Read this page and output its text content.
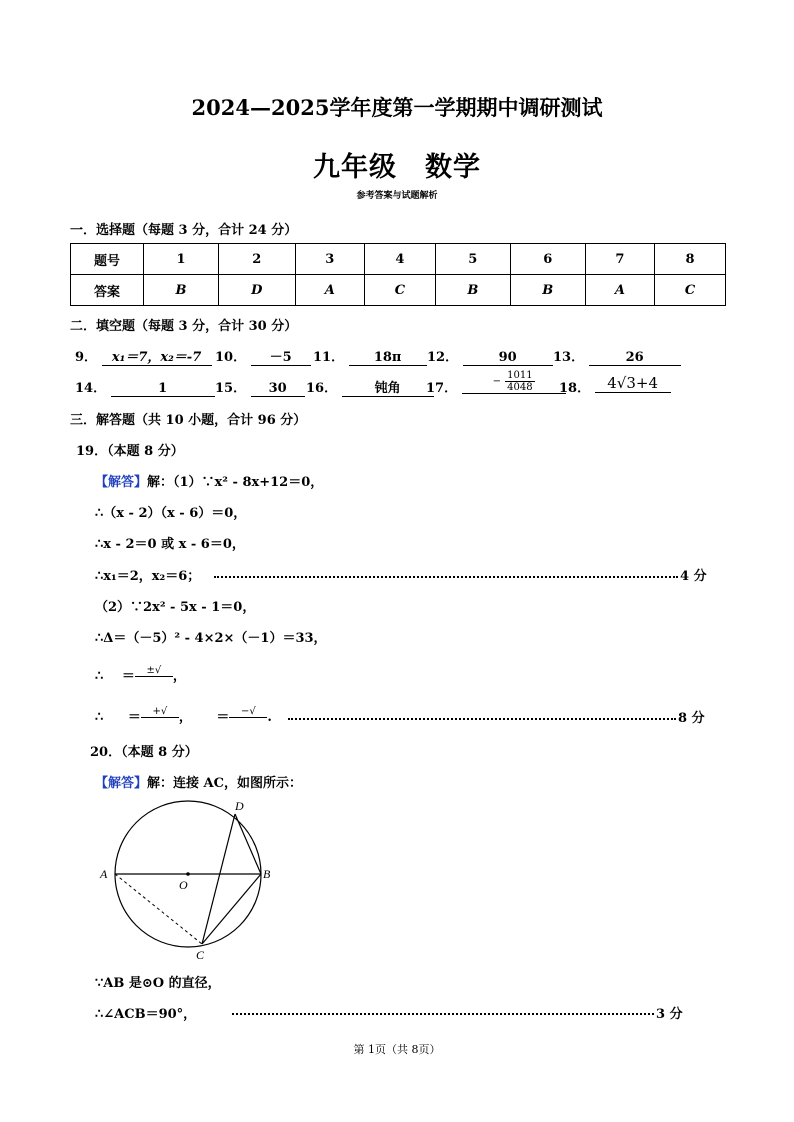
2024—2025学年度第一学期期中调研测试
九年级　数学
参考答案与试题解析
一．选择题（每题 3 分，合计 24 分）
题号	1	2	3	4	5	6	7	8
答案	B	D	A	C	B	B	A	C
二．填空题（每题 3 分，合计 30 分）
9． x₁＝7，x₂＝-7	10． －5	11． 18π	12．	90	13．	26
14．	1	15． 30	16．	钝角	17．	− $\frac{1011}{4048} 18$． 4√3+4
三．解答题（共 10 小题，合计 96 分）
19．（本题 8 分）
【解答】解：（1）∵x² - 8x+12＝0，
∴（x - 2）（x - 6）＝0，
∴x - 2＝0 或 x - 6＝0，
∴x₁＝2，x₂＝6；	4 分
（2）∵2x² - 5x - 1＝0，
∴Δ＝（－5）² - 4×2×（－1）＝33，
∴ ＝	±√
，
∴ ＝	+√
， ＝	−√
.	8 分
20．（本题 8 分）
【解答】解：连接 AC，如图所示：
A	B
C
D
O
∵AB 是⊙O 的直径，
∴∠ACB＝90°，	3 分
第 1页（共 8页）
